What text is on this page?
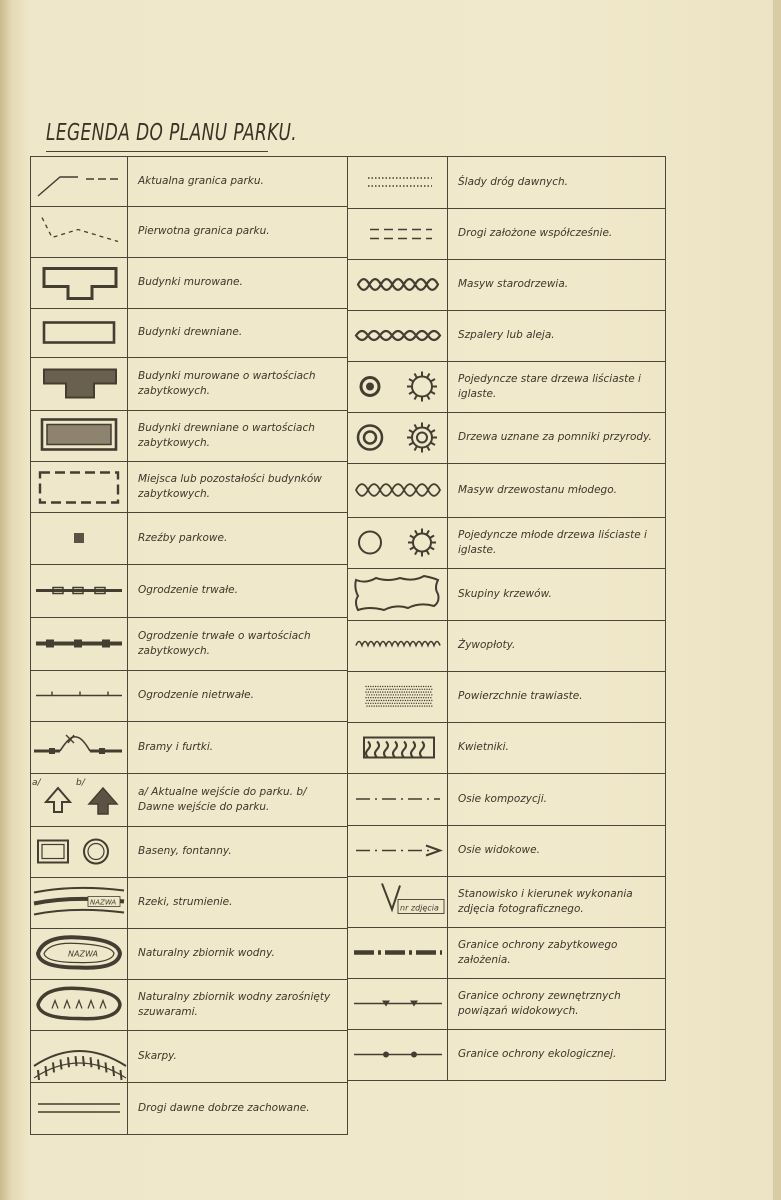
LEGENDA DO PLANU PARKU.
Aktualna granica parku.
Pierwotna granica parku.
Budynki murowane.
Budynki drewniane.
Budynki murowane o wartościach zabytkowych.
Budynki drewniane o wartościach zabytkowych.
Miejsca lub pozostałości budynków zabytkowych.
Rzeźby parkowe.
Ogrodzenie trwałe.
Ogrodzenie trwałe o wartościach zabytkowych.
Ogrodzenie nietrwałe.
Bramy i furtki.
a/	b/
a/ Aktualne wejście do parku. b/ Dawne wejście do parku.
Baseny, fontanny.
NAZWA Rzeki, strumienie.
NAZWA	Naturalny zbiornik wodny.
Naturalny zbiornik wodny zarośnięty szuwarami.
Skarpy.
Drogi dawne dobrze zachowane.
Ślady dróg dawnych.
Drogi założone współcześnie.
Masyw starodrzewia.
Szpalery lub aleja.
Pojedyncze stare drzewa liściaste i iglaste.
Drzewa uznane za pomniki przyrody.
Masyw drzewostanu młodego.
Pojedyncze młode drzewa liściaste i iglaste.
Skupiny krzewów.
Żywopłoty.
Powierzchnie trawiaste.
Kwietniki.
Osie kompozycji.
Osie widokowe.
nr zdjęcia
Stanowisko i kierunek wykonania zdjęcia fotograficznego.
Granice ochrony zabytkowego założenia.
Granice ochrony zewnętrznych powiązań widokowych.
Granice ochrony ekologicznej.
